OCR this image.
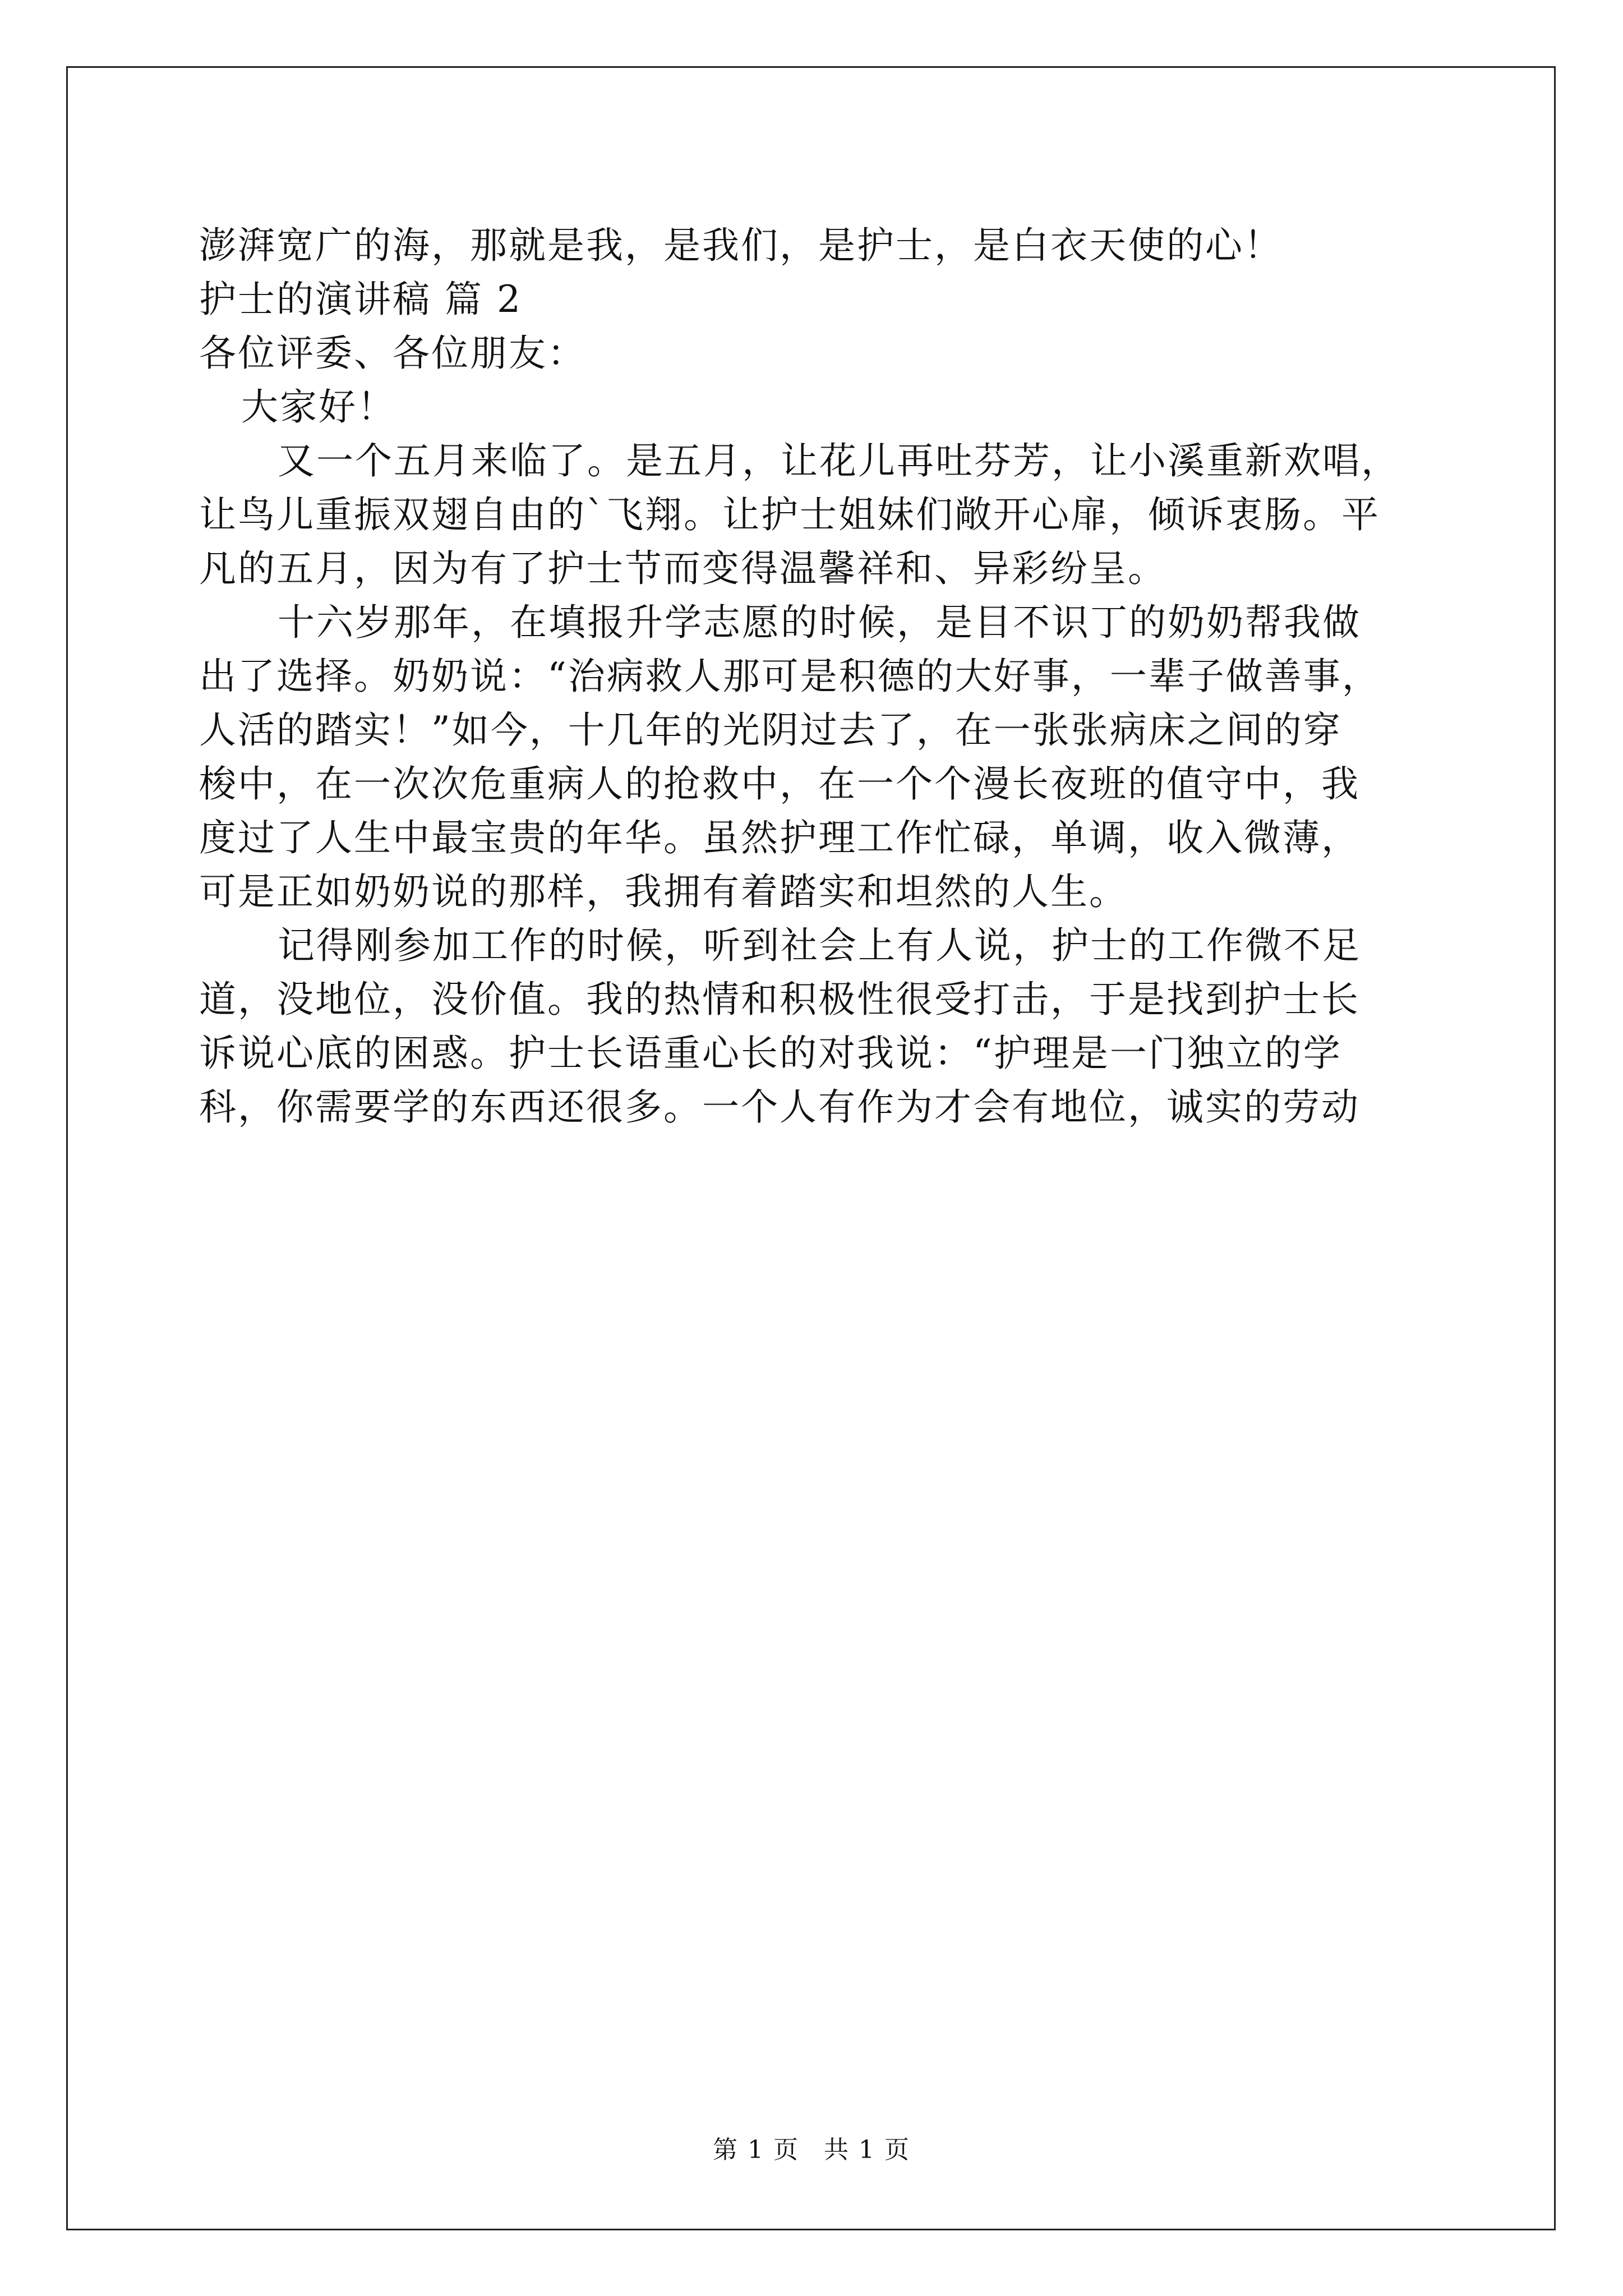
澎湃宽广的海，那就是我，是我们，是护士，是白衣天使的心！
护士的演讲稿 篇 2
各位评委、各位朋友：
大家好！
又一个五月来临了。是五月，让花儿再吐芬芳，让小溪重新欢唱，
让鸟儿重振双翅自由的`飞翔。让护士姐妹们敞开心扉，倾诉衷肠。平
凡的五月，因为有了护士节而变得温馨祥和、异彩纷呈。
十六岁那年，在填报升学志愿的时候，是目不识丁的奶奶帮我做
出了选择。奶奶说：“治病救人那可是积德的大好事，一辈子做善事，
人活的踏实！”如今，十几年的光阴过去了，在一张张病床之间的穿
梭中，在一次次危重病人的抢救中，在一个个漫长夜班的值守中，我
度过了人生中最宝贵的年华。虽然护理工作忙碌，单调，收入微薄，
可是正如奶奶说的那样，我拥有着踏实和坦然的人生。
记得刚参加工作的时候，听到社会上有人说，护士的工作微不足
道，没地位，没价值。我的热情和积极性很受打击，于是找到护士长
诉说心底的困惑。护士长语重心长的对我说：“护理是一门独立的学
科，你需要学的东西还很多。一个人有作为才会有地位，诚实的劳动
第 1 页 共 1 页
